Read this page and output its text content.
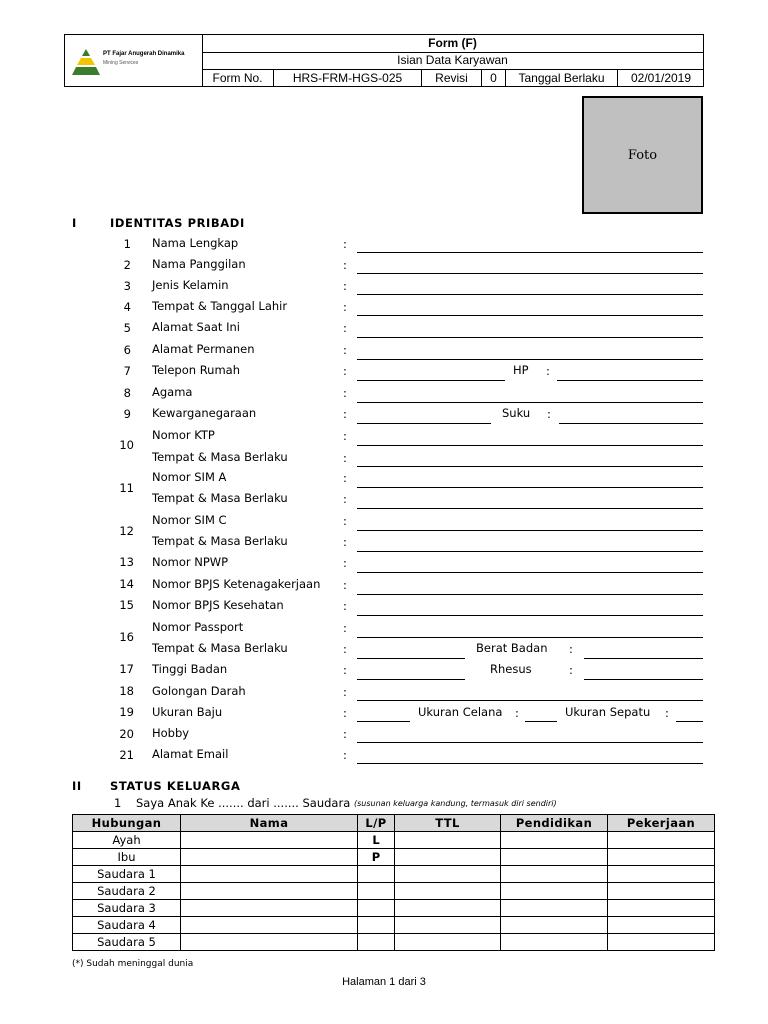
PT Fajar Anugerah Dinamika
Mining Services
Form (F)
Isian Data Karyawan
Form No.	HRS-FRM-HGS-025	Revisi	0	Tanggal Berlaku	02/01/2019
Foto
I	IDENTITAS PRIBADI
1 Nama Lengkap	:
2 Nama Panggilan	:
3 Jenis Kelamin	:
4 Tempat & Tanggal Lahir	:
5 Alamat Saat Ini	:
6 Alamat Permanen	:
7 Telepon Rumah	:	HP :
8 Agama	:
9 Kewarganegaraan	:	Suku :
10
Nomor KTP	:
Tempat & Masa Berlaku	:
11
Nomor SIM A	:
Tempat & Masa Berlaku	:
12
Nomor SIM C	:
Tempat & Masa Berlaku	:
13 Nomor NPWP	:
14 Nomor BPJS Ketenagakerjaan :
15 Nomor BPJS Kesehatan	:
16
Nomor Passport	:
Tempat & Masa Berlaku	:	Berat Badan :
17 Tinggi Badan	:	Rhesus	:
18 Golongan Darah	:
19 Ukuran Baju	:	Ukuran Celana :	Ukuran Sepatu :
20 Hobby	:
21 Alamat Email	:
II STATUS KELUARGA
1 Saya Anak Ke ....... dari ....... Saudara (susunan keluarga kandung, termasuk diri sendiri)
Hubungan	Nama	L/P	TTL	Pendidikan	Pekerjaan
Ayah		L			
Ibu		P			
Saudara 1					
Saudara 2					
Saudara 3					
Saudara 4					
Saudara 5					
(*) Sudah meninggal dunia
Halaman 1 dari 3
